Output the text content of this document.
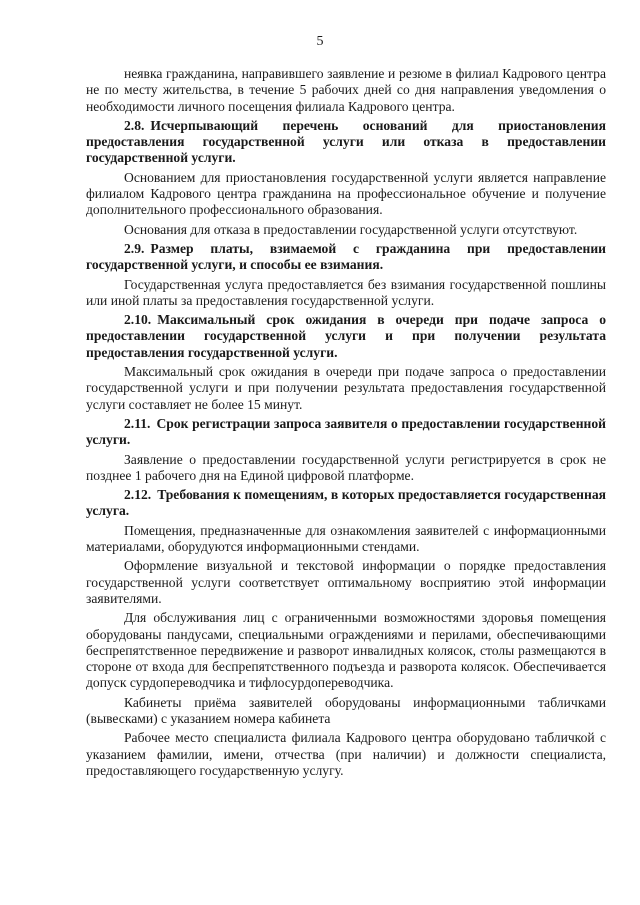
5

неявка гражданина, направившего заявление и резюме в филиал Кадрового центра не по месту жительства, в течение 5 рабочих дней со дня направления уведомления о необходимости личного посещения филиала Кадрового центра.

2.8. Исчерпывающий перечень оснований для приостановления предоставления государственной услуги или отказа в предоставлении государственной услуги.

Основанием для приостановления государственной услуги является направление филиалом Кадрового центра гражданина на профессиональное обучение и получение дополнительного профессионального образования.

Основания для отказа в предоставлении государственной услуги отсутствуют.

2.9. Размер платы, взимаемой с гражданина при предоставлении государственной услуги, и способы ее взимания.

Государственная услуга предоставляется без взимания государственной пошлины или иной платы за предоставления государственной услуги.

2.10. Максимальный срок ожидания в очереди при подаче запроса о предоставлении государственной услуги и при получении результата предоставления государственной услуги.

Максимальный срок ожидания в очереди при подаче запроса о предоставлении государственной услуги и при получении результата предоставления государственной услуги составляет не более 15 минут.

2.11. Срок регистрации запроса заявителя о предоставлении государственной услуги.

Заявление о предоставлении государственной услуги регистрируется в срок не позднее 1 рабочего дня на Единой цифровой платформе.

2.12. Требования к помещениям, в которых предоставляется государственная услуга.

Помещения, предназначенные для ознакомления заявителей с информационными материалами, оборудуются информационными стендами.

Оформление визуальной и текстовой информации о порядке предоставления государственной услуги соответствует оптимальному восприятию этой информации заявителями.

Для обслуживания лиц с ограниченными возможностями здоровья помещения оборудованы пандусами, специальными ограждениями и перилами, обеспечивающими беспрепятственное передвижение и разворот инвалидных колясок, столы размещаются в стороне от входа для беспрепятственного подъезда и разворота колясок. Обеспечивается допуск сурдопереводчика и тифлосурдопереводчика.

Кабинеты приёма заявителей оборудованы информационными табличками (вывесками) с указанием номера кабинета

Рабочее место специалиста филиала Кадрового центра оборудовано табличкой с указанием фамилии, имени, отчества (при наличии) и должности специалиста, предоставляющего государственную услугу.
